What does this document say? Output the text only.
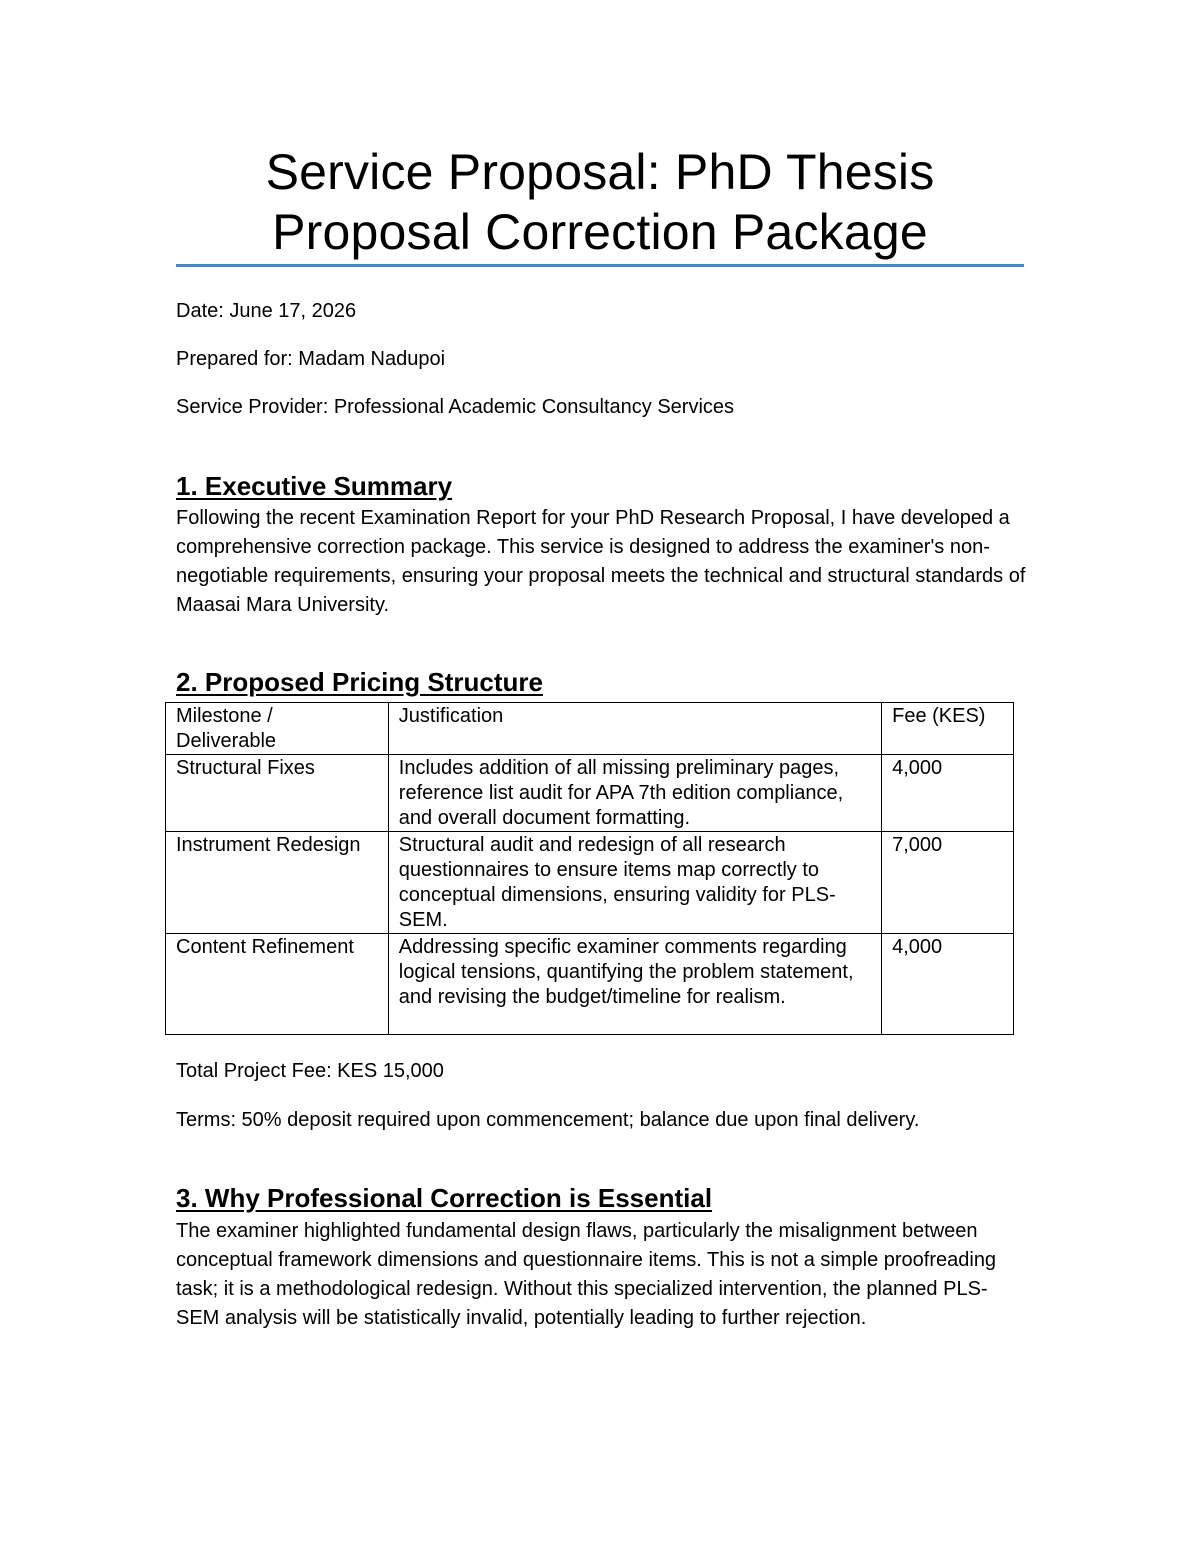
Service Proposal: PhD Thesis
Proposal Correction Package

Date: June 17, 2026

Prepared for: Madam Nadupoi

Service Provider: Professional Academic Consultancy Services

1. Executive Summary

Following the recent Examination Report for your PhD Research Proposal, I have developed a comprehensive correction package. This service is designed to address the examiner's non-negotiable requirements, ensuring your proposal meets the technical and structural standards of Maasai Mara University.

2. Proposed Pricing Structure
Milestone / Deliverable	Justification	Fee (KES)
Structural Fixes	Includes addition of all missing preliminary pages, reference list audit for APA 7th edition compliance, and overall document formatting.	4,000
Instrument Redesign	Structural audit and redesign of all research questionnaires to ensure items map correctly to conceptual dimensions, ensuring validity for PLS-SEM.	7,000
Content Refinement	Addressing specific examiner comments regarding logical tensions, quantifying the problem statement, and revising the budget/timeline for realism.	4,000

Total Project Fee: KES 15,000

Terms: 50% deposit required upon commencement; balance due upon final delivery.

3. Why Professional Correction is Essential

The examiner highlighted fundamental design flaws, particularly the misalignment between conceptual framework dimensions and questionnaire items. This is not a simple proofreading task; it is a methodological redesign. Without this specialized intervention, the planned PLS-SEM analysis will be statistically invalid, potentially leading to further rejection.
